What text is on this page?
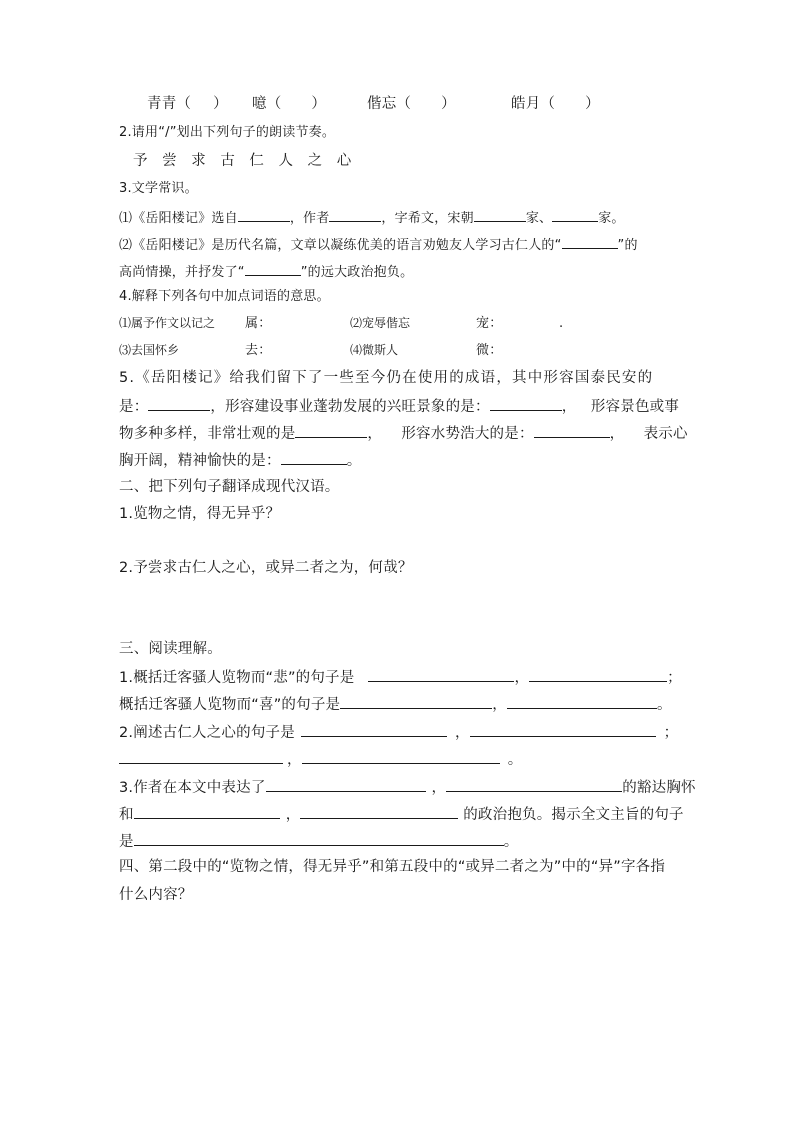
青青（ ） 噫（ ）	偕忘（ ）	皓月（ ）
2.请用“/”划出下列句子的朗读节奏。
予 尝 求 古 仁 人 之 心
3.文学常识。
⑴《岳阳楼记》选自	，作者	，字希文，宋朝	家、	家。
⑵《岳阳楼记》是历代名篇，文章以凝练优美的语言劝勉友人学习古仁人的“	”的
高尚情操，并抒发了“	”的远大政治抱负。
4.解释下列各句中加点词语的意思。
⑴属予作文以记之 属：	⑵宠辱偕忘	宠：	.
⑶去国怀乡	去：	⑷微斯人	微：
5.《岳阳楼记》给我们留下了一些至今仍在使用的成语，其中形容国泰民安的
是：	，形容建设事业蓬勃发展的兴旺景象的是：	，   形容景色或事
物多种多样，非常壮观的是	，    形容水势浩大的是：	，    表示心
胸开阔，精神愉快的是：	。
二、把下列句子翻译成现代汉语。
1.览物之情，得无异乎？
2.予尝求古仁人之心，或异二者之为，何哉？
三、阅读理解。
1.概括迁客骚人览物而“悲”的句子是	，	；
概括迁客骚人览物而“喜”的句子是	，	。
2.阐述古仁人之心的句子是	，	；
，	。
3.作者在本文中表达了	，	的豁达胸怀
和	，	的政治抱负。揭示全文主旨的句子
是	。
四、第二段中的“览物之情，得无异乎”和第五段中的“或异二者之为”中的“异”字各指
什么内容？
